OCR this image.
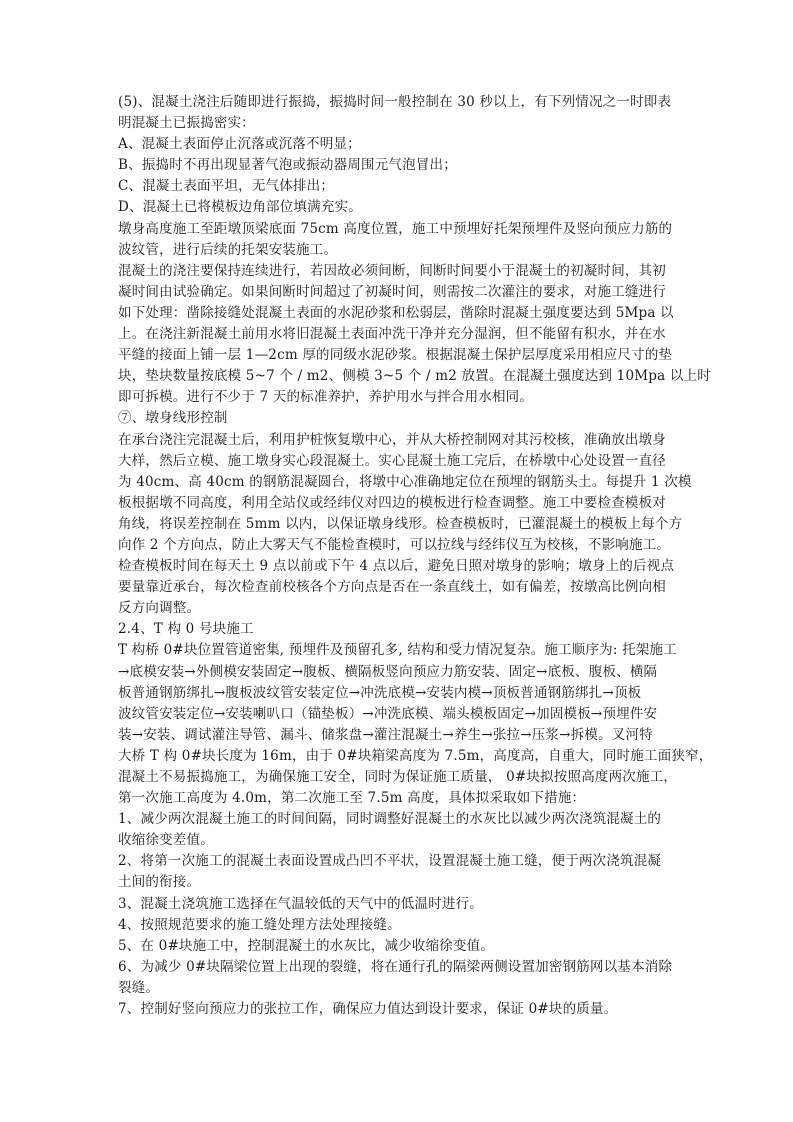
(5)、混凝土浇注后随即进行振捣，振捣时间一般控制在 30 秒以上，有下列情况之一时即表
明混凝土已振捣密实：
A、混凝土表面停止沉落或沉落不明显；
B、振捣时不再出现显著气泡或振动器周围元气泡冒出；
C、混凝土表面平坦，无气体排出；
D、混凝土已将模板边角部位填满充实。
墩身高度施工至距墩顶梁底面 75cm 高度位置，施工中预埋好托架预埋件及竖向预应力筋的
波纹管，进行后续的托架安装施工。
混凝土的浇注要保持连续进行，若因故必须间断，间断时间要小于混凝土的初凝时间，其初
凝时间由试验确定。如果间断时间超过了初凝时间，则需按二次灌注的要求，对施工缝进行
如下处理：凿除接缝处混凝土表面的水泥砂浆和松弱层，凿除时混凝土强度要达到 5Mpa 以
上。在浇注新混凝土前用水将旧混凝土表面冲洗干净并充分湿润，但不能留有积水，并在水
平缝的接面上铺一层 1—2cm 厚的同级水泥砂浆。根据混凝土保护层厚度采用相应尺寸的垫
块，垫块数量按底模 5~7 个 / m2、侧模 3~5 个 / m2 放置。在混凝土强度达到 10Mpa 以上时
即可拆模。进行不少于 7 天的标准养护，养护用水与拌合用水相同。
⑦、墩身线形控制
在承台浇注完混凝土后，利用护桩恢复墩中心，并从大桥控制网对其污校核，准确放出墩身
大样，然后立模、施工墩身实心段混凝土。实心昆凝土施工完后，在桥墩中心处设置一直径
为 40cm、高 40cm 的钢筋混凝圆台，将墩中心准确地定位在预埋的钢筋头土。每提升 1 次模
板根据墩不同高度，利用全站仪或经纬仪对四边的模板进行检查调整。施工中要检查模板对
角线，将误差控制在 5mm 以内，以保证墩身线形。检查模板时，已灌混凝土的模板上每个方
向作 2 个方向点，防止大雾天气不能检查模时，可以拉线与经纬仪互为校核，不影响施工。
检查模板时间在每天土 9 点以前或下午 4 点以后，避免日照对墩身的影响；墩身上的后视点
要量靠近承台，每次检查前校核各个方向点是否在一条直线土，如有偏差，按墩高比例向相
反方向调整。
2.4、T 构 0 号块施工
T 构桥 0#块位置管道密集, 预埋件及预留孔多, 结构和受力情况复杂。施工顺序为: 托架施工
→底模安装→外侧模安装固定→腹板、横隔板竖向预应力筋安装、固定→底板、腹板、横隔
板普通钢筋绑扎→腹板波纹管安装定位→冲洗底模→安装内模→顶板普通钢筋绑扎→顶板
波纹管安装定位→安装喇叭口（锚垫板）→冲洗底模、端头模板固定→加固模板→预埋件安
装→安装、调试灌注导管、漏斗、储浆盘→灌注混凝土→养生→张拉→压浆→拆模。叉河特
大桥 T 构 0#块长度为 16m，由于 0#块箱梁高度为 7.5m，高度高，自重大，同时施工面狭窄，
混凝土不易振捣施工，为确保施工安全，同时为保证施工质量， 0#块拟按照高度两次施工，
第一次施工高度为 4.0m，第二次施工至 7.5m 高度，具体拟采取如下措施：
1、减少两次混凝土施工的时间间隔，同时调整好混凝土的水灰比以减少两次浇筑混凝土的
收缩徐变差值。
2、将第一次施工的混凝土表面设置成凸凹不平状，设置混凝土施工缝，便于两次浇筑混凝
土间的衔接。
3、混凝土浇筑施工选择在气温较低的天气中的低温时进行。
4、按照规范要求的施工缝处理方法处理接缝。
5、在 0#块施工中，控制混凝土的水灰比，减少收缩徐变值。
6、为减少 0#块隔梁位置上出现的裂缝，将在通行孔的隔梁两侧设置加密钢筋网以基本消除
裂缝。
7、控制好竖向预应力的张拉工作，确保应力值达到设计要求，保证 0#块的质量。
